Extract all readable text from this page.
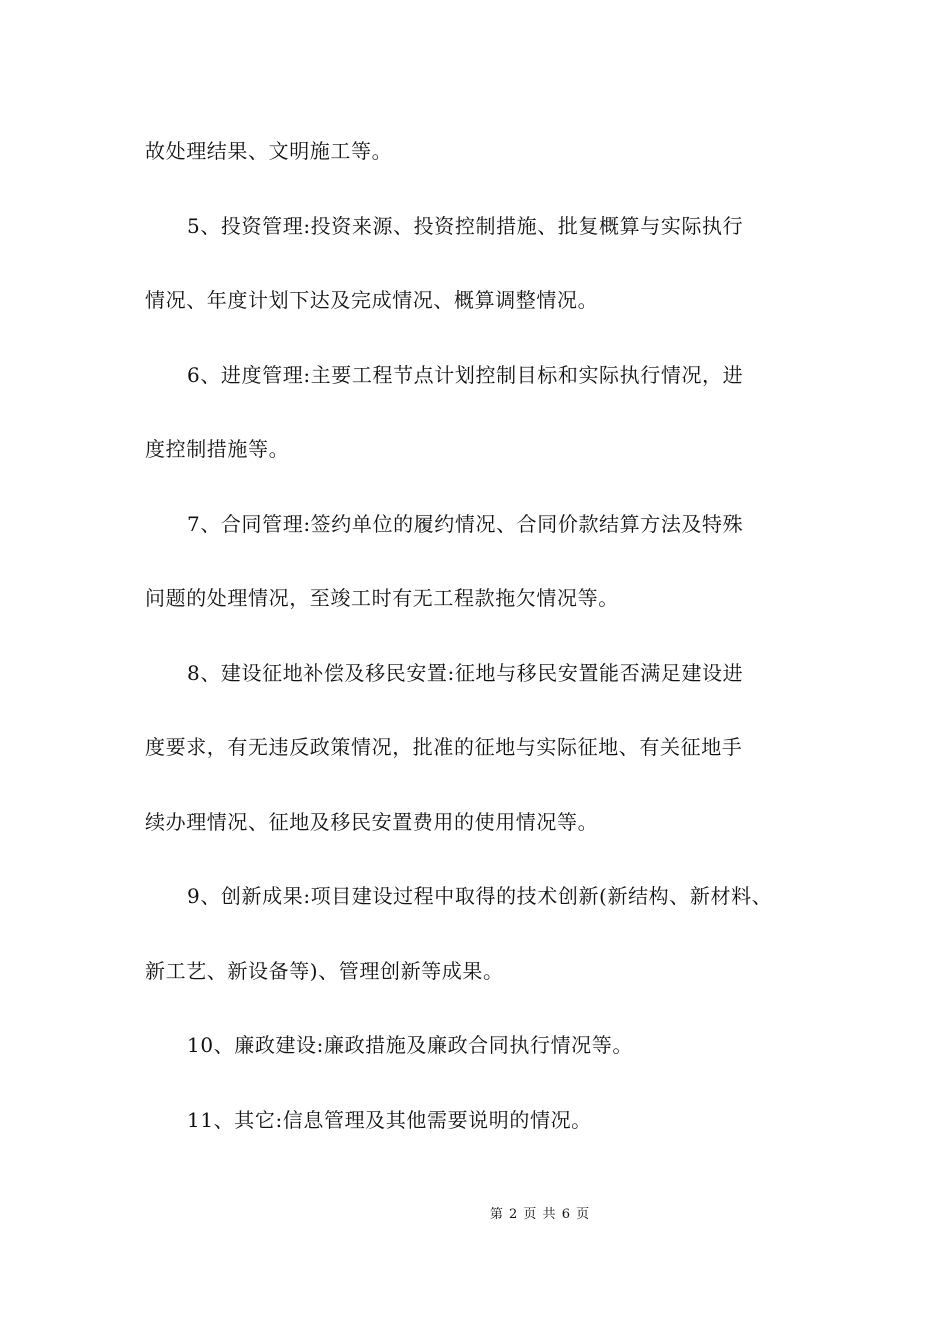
故处理结果、文明施工等。
5、投资管理:投资来源、投资控制措施、批复概算与实际执行
情况、年度计划下达及完成情况、概算调整情况。
6、进度管理:主要工程节点计划控制目标和实际执行情况，进
度控制措施等。
7、合同管理:签约单位的履约情况、合同价款结算方法及特殊
问题的处理情况，至竣工时有无工程款拖欠情况等。
8、建设征地补偿及移民安置:征地与移民安置能否满足建设进
度要求，有无违反政策情况，批准的征地与实际征地、有关征地手
续办理情况、征地及移民安置费用的使用情况等。
9、创新成果:项目建设过程中取得的技术创新(新结构、新材料、
新工艺、新设备等)、管理创新等成果。
10、廉政建设:廉政措施及廉政合同执行情况等。
11、其它:信息管理及其他需要说明的情况。
第 2 页 共 6 页
